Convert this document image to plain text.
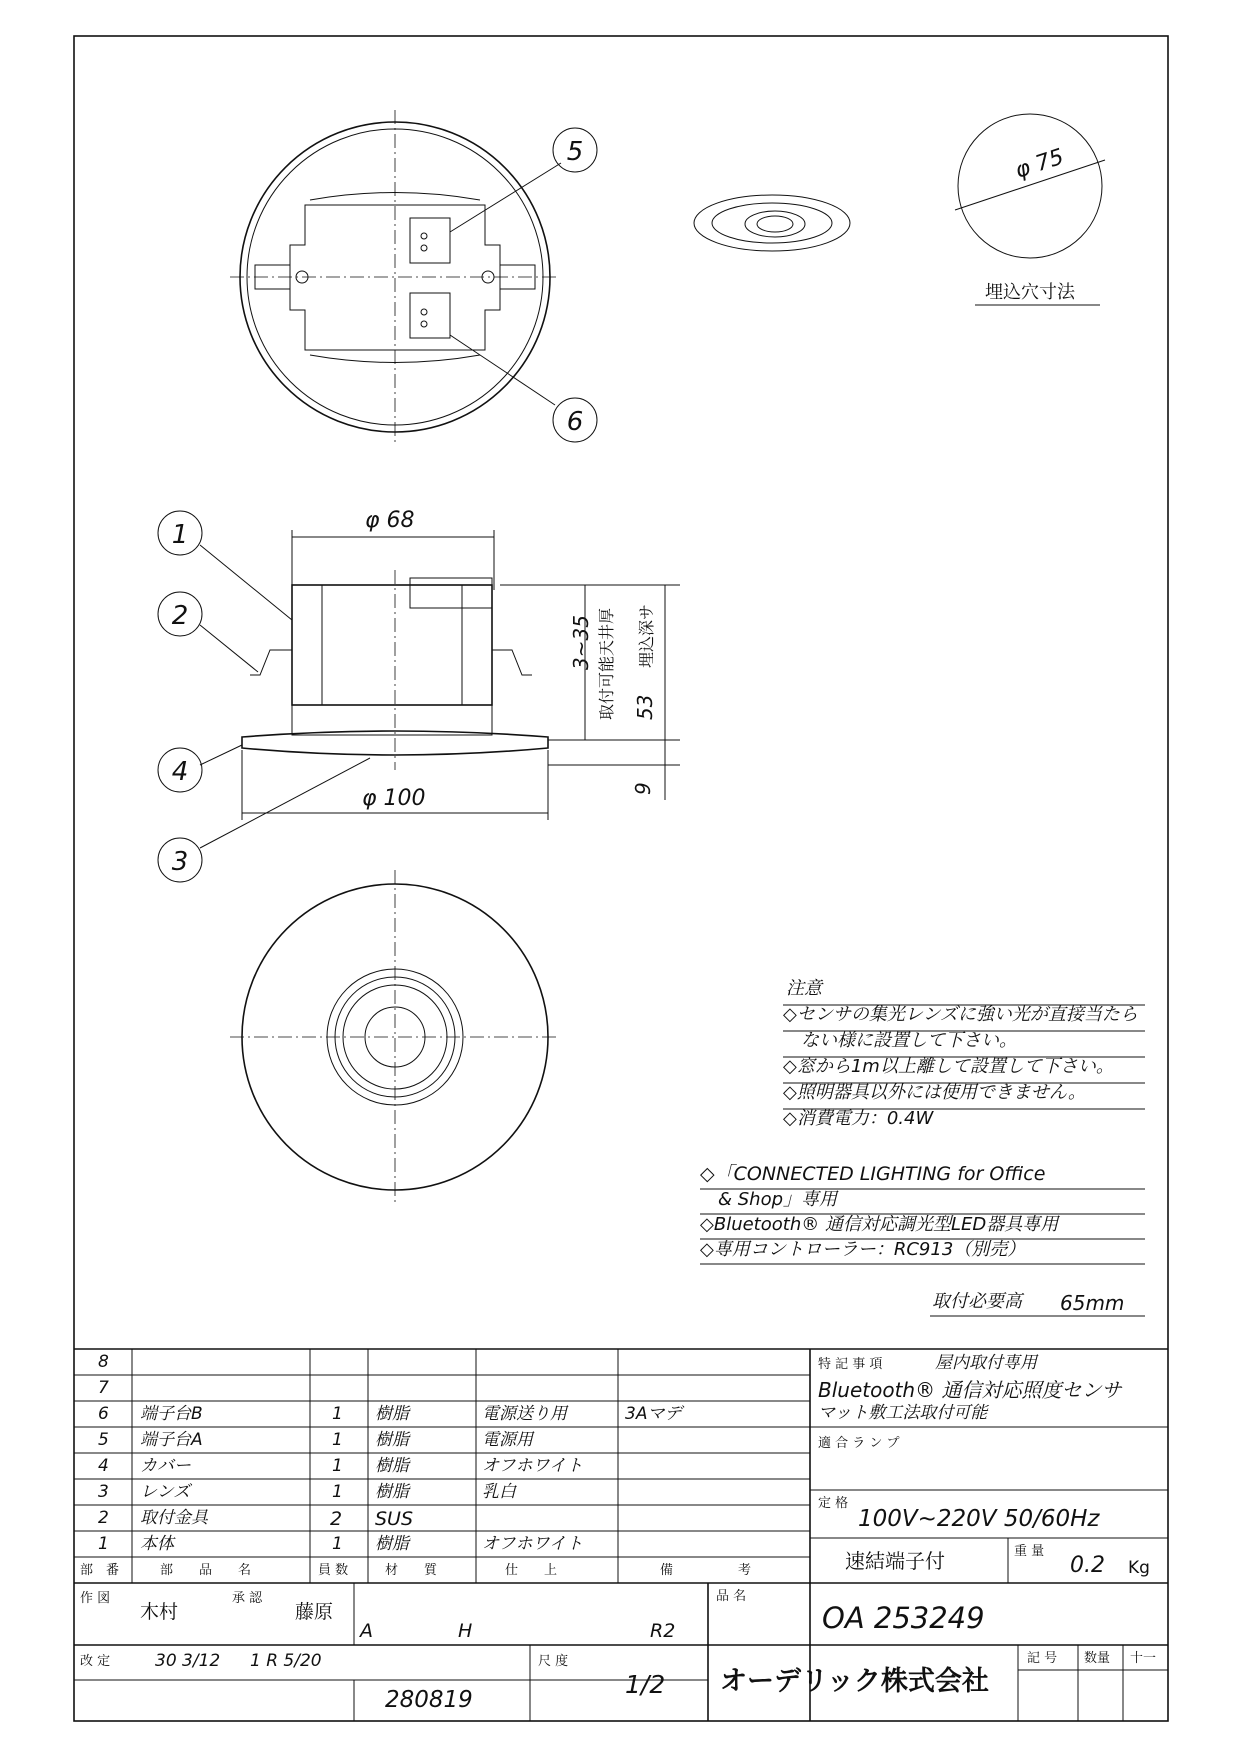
5
6
φ 75
埋込穴寸法
φ 68
φ 100
3~35 取付可能天井厚 53
埋込深サ
9
1
2
3
4
注意
◇センサの集光レンズに強い光が直接当たら
　ない様に設置して下さい。
◇窓から1m以上離して設置して下さい。
◇照明器具以外には使用できません。
◇消費電力：0.4W
◇「CONNECTED LIGHTING for Office
　& Shop」専用
◇Bluetooth® 通信対応調光型LED器具専用
◇専用コントローラー：RC913（別売）
取付必要高 65mm
8
7
6 端子台B	1 樹脂	電源送り用	3Aマデ
5 端子台A	1 樹脂	電源用
4 カバー	1 樹脂	オフホワイト
3 レンズ	1 樹脂	乳白
2 取付金具	2 SUS
1 本体	1 樹脂	オフホワイト
部　番	部　　品　　名	員 数	材　　質	仕　　上	備　　　　　考
特 記 事 項	屋内取付専用
Bluetooth® 通信対応照度センサ
マット敷工法取付可能
適 合 ラ ン プ
定 格
100V~220V 50/60Hz
速結端子付	重 量
0.2 Kg
作 図
木村
承 認
藤原
A	H	R2
品 名
OA 253249
改 定	30 3/12 1 R 5/20	尺 度
1/2 オーデリック株式会社
記 号 数量 十一
280819
